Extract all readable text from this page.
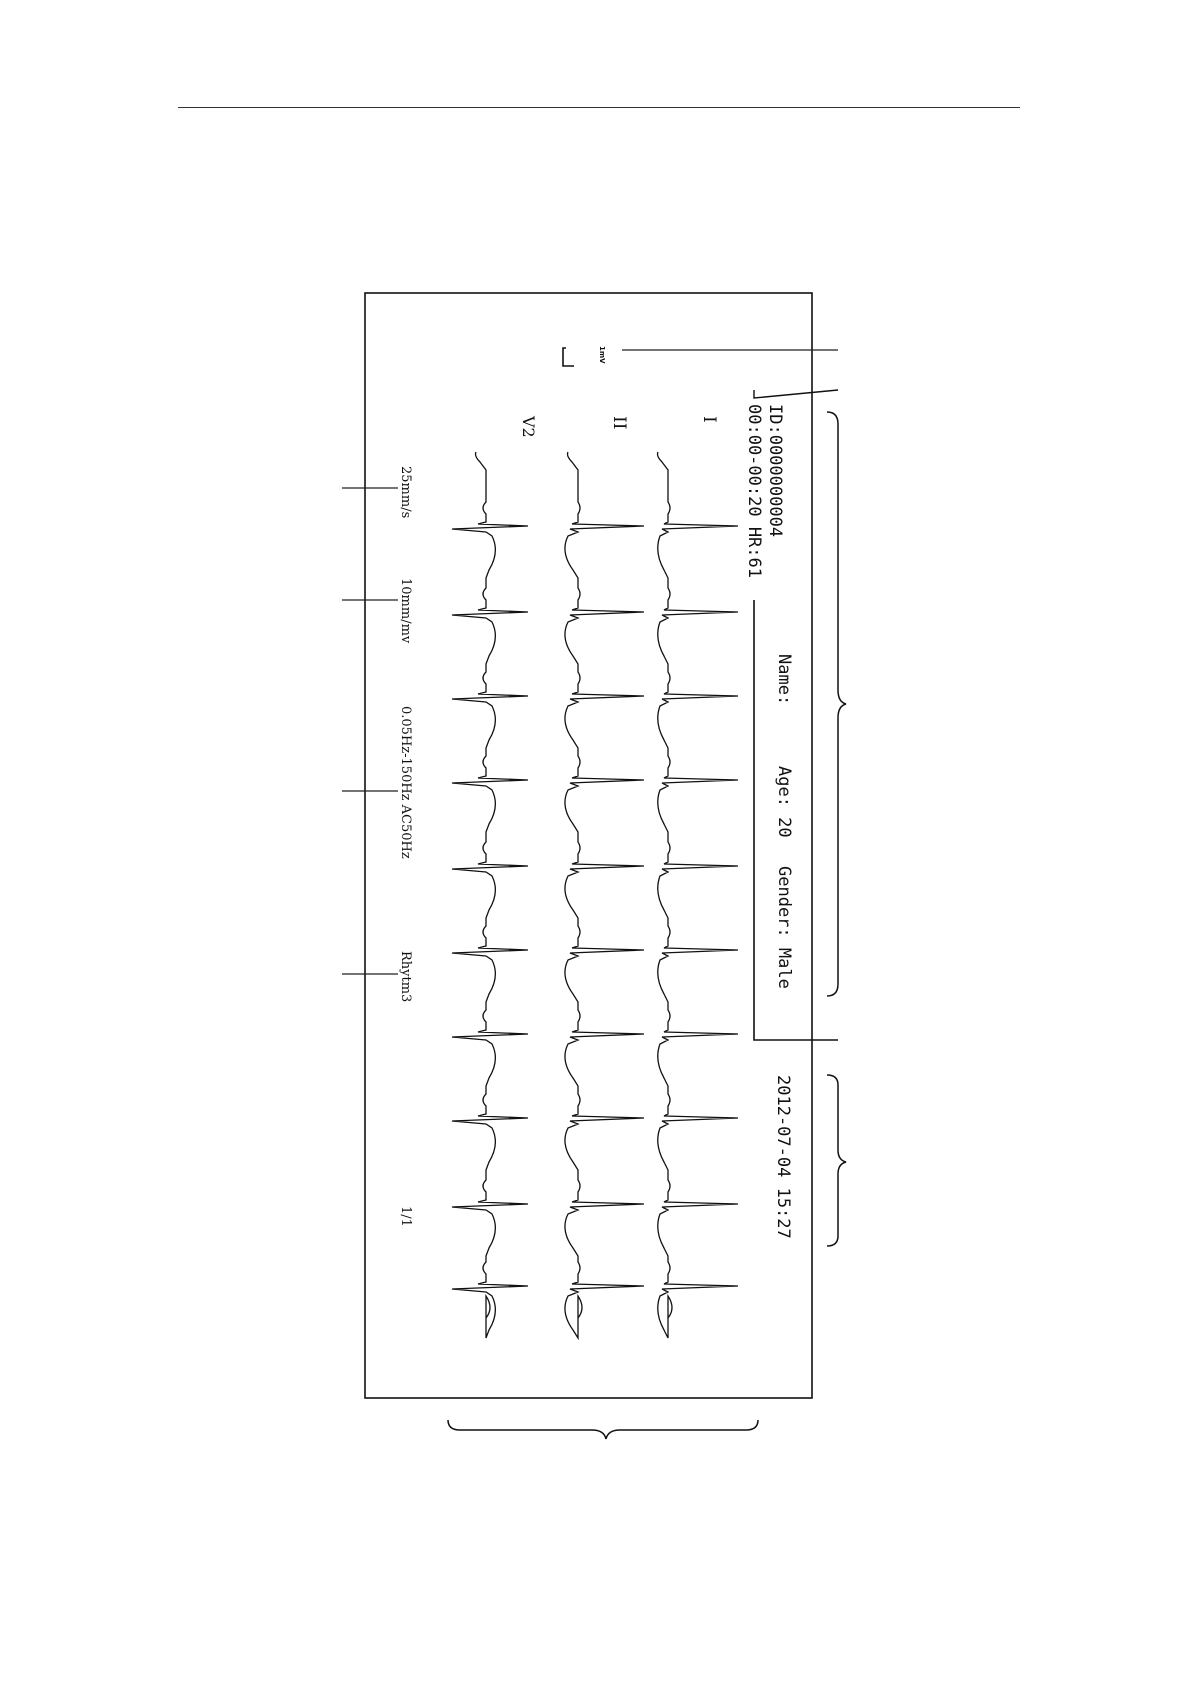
1mV
ID:0000000004
00:00-00:20 HR:61
Name:
Age: 20
Gender: Male
2012-07-04 15:27
I
II
V2
25mm/s
10mm/mv
0.05Hz-150Hz AC50Hz
Rhytm3
1/1
